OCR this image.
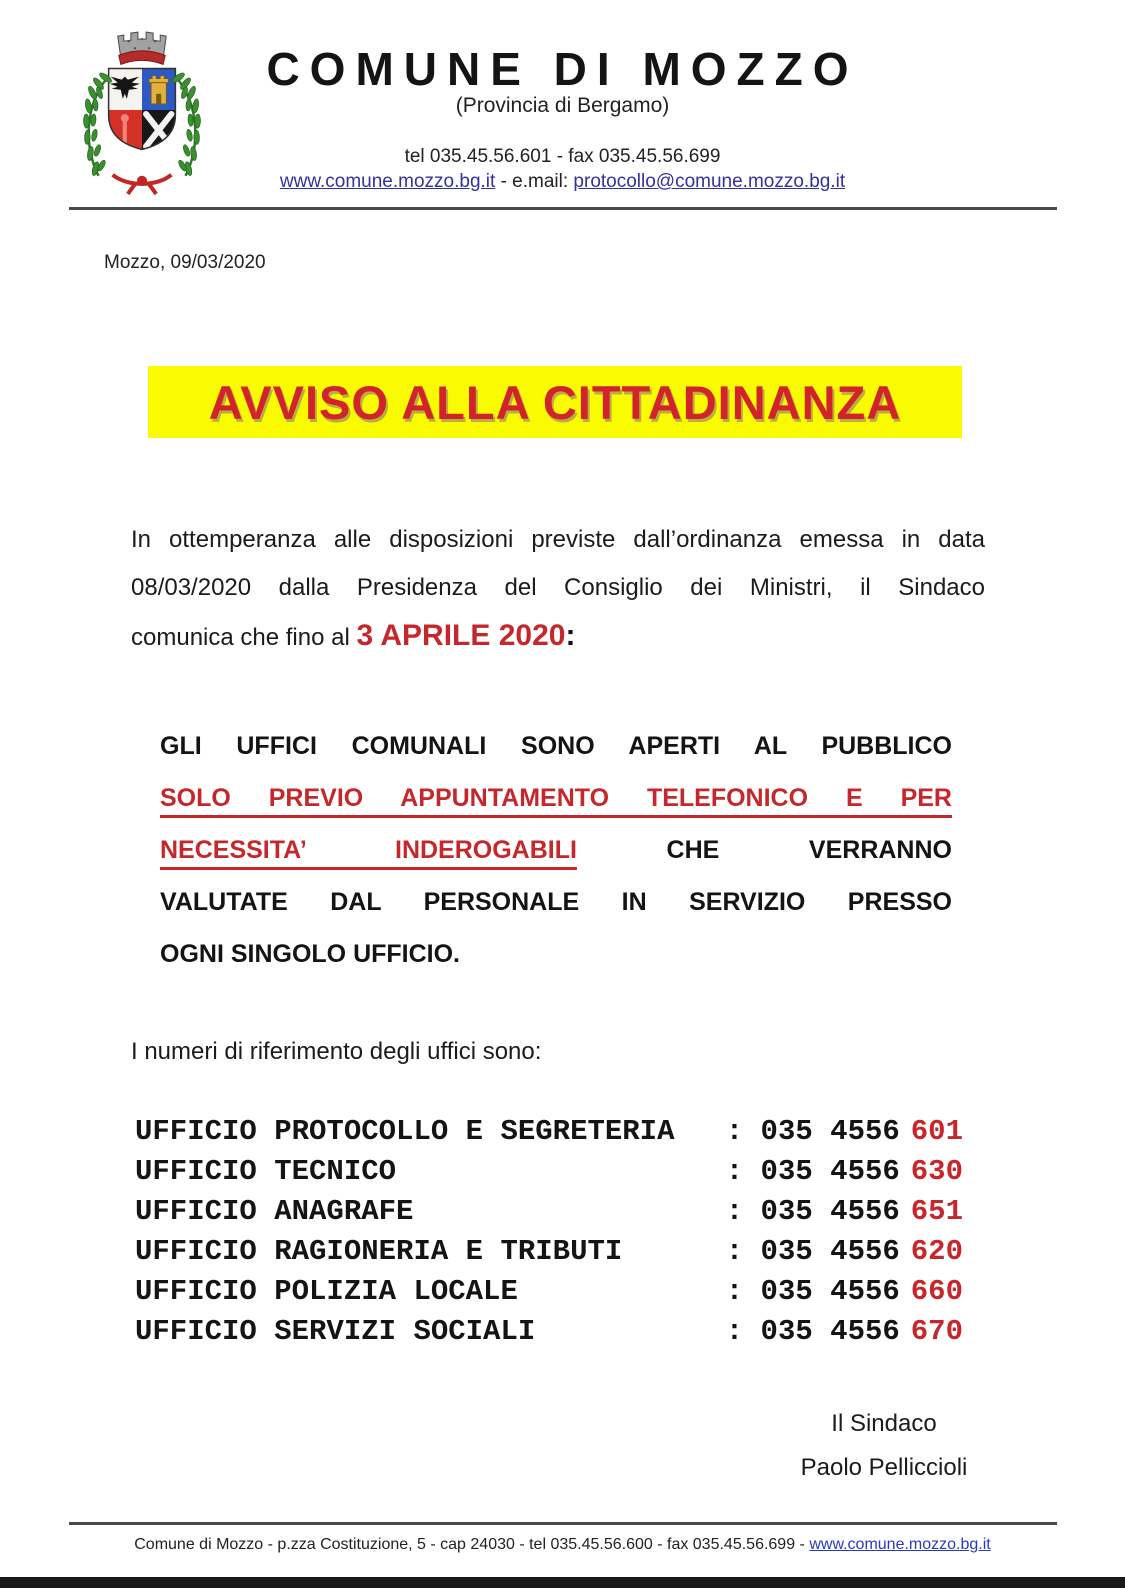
COMUNE DI MOZZO
(Provincia di Bergamo)
tel 035.45.56.601 - fax 035.45.56.699
www.comune.mozzo.bg.it - e.mail: protocollo@comune.mozzo.bg.it
Mozzo, 09/03/2020
AVVISO ALLA CITTADINANZA
In ottemperanza alle disposizioni previste dall’ordinanza emessa in data
08/03/2020 dalla Presidenza del Consiglio dei Ministri, il Sindaco
comunica che fino al 3 APRILE 2020:
GLI UFFICI COMUNALI SONO APERTI AL PUBBLICO
SOLO PREVIO APPUNTAMENTO TELEFONICO E PER
NECESSITA’ INDEROGABILI CHE VERRANNO
VALUTATE DAL PERSONALE IN SERVIZIO PRESSO
OGNI SINGOLO UFFICIO.
I numeri di riferimento degli uffici sono:
UFFICIO PROTOCOLLO E SEGRETERIA : 035 4556 601
UFFICIO TECNICO	: 035 4556 630
UFFICIO ANAGRAFE	: 035 4556 651
UFFICIO RAGIONERIA E TRIBUTI	: 035 4556 620
UFFICIO POLIZIA LOCALE	: 035 4556 660
UFFICIO SERVIZI SOCIALI	: 035 4556 670
Il Sindaco
Paolo Pelliccioli
Comune di Mozzo - p.zza Costituzione, 5 - cap 24030 - tel 035.45.56.600 - fax 035.45.56.699 - www.comune.mozzo.bg.it
